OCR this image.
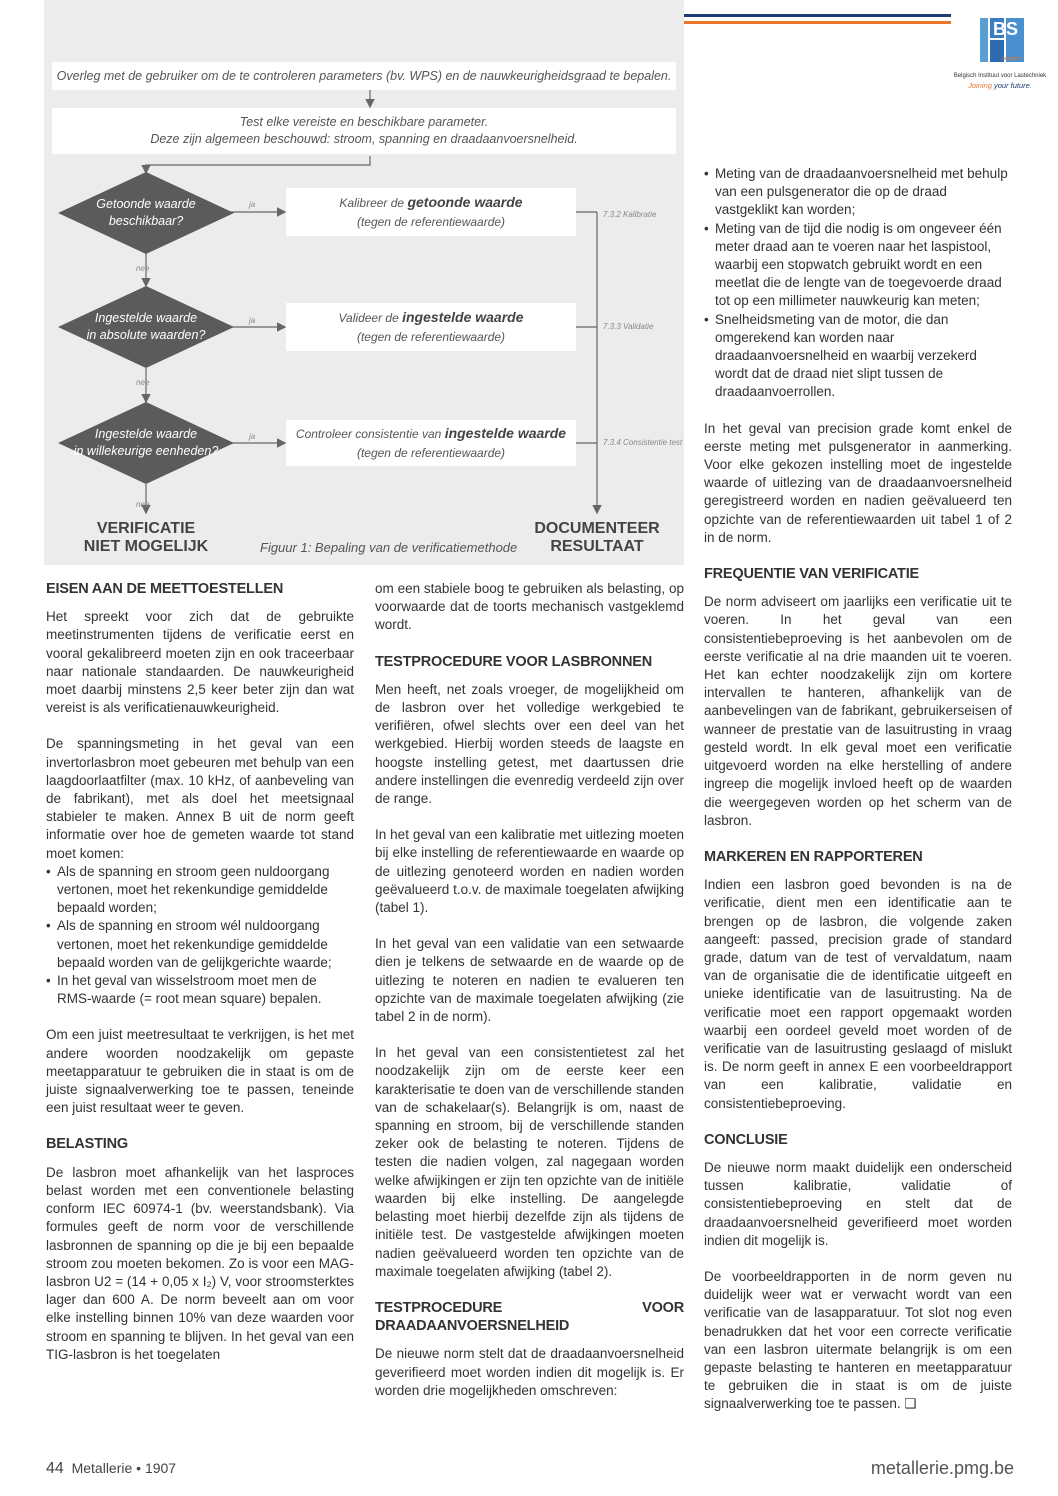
BS
research
Belgisch Instituut voor Lastechniek
Joining your future.
Overleg met de gebruiker om de te controleren parameters (bv. WPS) en de nauwkeurigheidsgraad te bepalen.
Test elke vereiste en beschikbare parameter.
Deze zijn algemeen beschouwd: stroom, spanning en draadaanvoersnelheid.
Getoonde waarde
beschikbaar?
ja
nee
Kalibreer de getoonde waarde
(tegen de referentiewaarde)
7.3.2 Kalibratie
Ingestelde waarde
in absolute waarden?
ja
nee
Valideer de ingestelde waarde
(tegen de referentiewaarde)
7.3.3 Validatie
Ingestelde waarde
in willekeurige eenheden?
ja
nee
Controleer consistentie van ingestelde waarde
(tegen de referentiewaarde)
7.3.4 Consistentie test
VERIFICATIE
NIET MOGELIJK
DOCUMENTEER
RESULTAAT
Figuur 1: Bepaling van de verificatiemethode
EISEN AAN DE MEETTOESTELLEN

Het spreekt voor zich dat de gebruikte meetinstrumenten tijdens de verificatie eerst en vooral gekalibreerd moeten zijn en ook traceerbaar naar nationale standaarden. De nauwkeurigheid moet daarbij minstens 2,5 keer beter zijn dan wat vereist is als verificatienauwkeurigheid.

De spanningsmeting in het geval van een invertorlasbron moet gebeuren met behulp van een laagdoorlaatfilter (max. 10 kHz, of aanbeveling van de fabrikant), met als doel het meetsignaal stabieler te maken. Annex B uit de norm geeft informatie over hoe de gemeten waarde tot stand moet komen:

• Als de spanning en stroom geen nuldoorgang vertonen, moet het rekenkundige gemiddelde bepaald worden;
• Als de spanning en stroom wél nuldoorgang vertonen, moet het rekenkundige gemiddelde bepaald worden van de gelijkgerichte waarde;
• In het geval van wisselstroom moet men de RMS-waarde (= root mean square) bepalen.

Om een juist meetresultaat te verkrijgen, is het met andere woorden noodzakelijk om gepaste meetapparatuur te gebruiken die in staat is om de juiste signaalverwerking toe te passen, teneinde een juist resultaat weer te geven.

BELASTING

De lasbron moet afhankelijk van het lasproces belast worden met een conventionele belasting conform IEC 60974-1 (bv. weerstandsbank). Via formules geeft de norm voor de verschillende lasbronnen de spanning op die je bij een bepaalde stroom zou moeten bekomen. Zo is voor een MAG-lasbron U2 = (14 + 0,05 x I₂) V, voor stroomsterktes lager dan 600 A. De norm beveelt aan om voor elke instelling binnen 10% van deze waarden voor stroom en spanning te blijven. In het geval van een TIG-lasbron is het toegelaten

om een stabiele boog te gebruiken als belasting, op voorwaarde dat de toorts mechanisch vastgeklemd wordt.

TESTPROCEDURE VOOR LASBRONNEN

Men heeft, net zoals vroeger, de mogelijkheid om de lasbron over het volledige werkgebied te verifiëren, ofwel slechts over een deel van het werkgebied. Hierbij worden steeds de laagste en hoogste instelling getest, met daartussen drie andere instellingen die evenredig verdeeld zijn over de range.

In het geval van een kalibratie met uitlezing moeten bij elke instelling de referentiewaarde en waarde op de uitlezing genoteerd worden en nadien worden geëvalueerd t.o.v. de maximale toegelaten afwijking (tabel 1).

In het geval van een validatie van een setwaarde dien je telkens de setwaarde en de waarde op de uitlezing te noteren en nadien te evalueren ten opzichte van de maximale toegelaten afwijking (zie tabel 2 in de norm).

In het geval van een consistentietest zal het noodzakelijk zijn om de eerste keer een karakterisatie te doen van de verschillende standen van de schakelaar(s). Belangrijk is om, naast de spanning en stroom, bij de verschillende standen zeker ook de belasting te noteren. Tijdens de testen die nadien volgen, zal nagegaan worden welke afwijkingen er zijn ten opzichte van de initiële waarden bij elke instelling. De aangelegde belasting moet hierbij dezelfde zijn als tijdens de initiële test. De vastgestelde afwijkingen moeten nadien geëvalueerd worden ten opzichte van de maximale toegelaten afwijking (tabel 2).

TESTPROCEDURE VOOR DRAADAANVOERSNELHEID

De nieuwe norm stelt dat de draadaanvoersnelheid geverifieerd moet worden indien dit mogelijk is. Er worden drie mogelijkheden omschreven:

• Meting van de draadaanvoersnelheid met behulp van een pulsgenerator die op de draad vastgeklikt kan worden;
• Meting van de tijd die nodig is om ongeveer één meter draad aan te voeren naar het laspistool, waarbij een stopwatch gebruikt wordt en een meetlat die de lengte van de toegevoerde draad tot op een millimeter nauwkeurig kan meten;
• Snelheidsmeting van de motor, die dan omgerekend kan worden naar draadaanvoersnelheid en waarbij verzekerd wordt dat de draad niet slipt tussen de draadaanvoerrollen.

In het geval van precision grade komt enkel de eerste meting met pulsgenerator in aanmerking. Voor elke gekozen instelling moet de ingestelde waarde of uitlezing van de draadaanvoersnelheid geregistreerd worden en nadien geëvalueerd ten opzichte van de referentiewaarden uit tabel 1 of 2 in de norm.

FREQUENTIE VAN VERIFICATIE

De norm adviseert om jaarlijks een verificatie uit te voeren. In het geval van een consistentiebeproeving is het aanbevolen om de eerste verificatie al na drie maanden uit te voeren. Het kan echter noodzakelijk zijn om kortere intervallen te hanteren, afhankelijk van de aanbevelingen van de fabrikant, gebruikerseisen of wanneer de prestatie van de lasuitrusting in vraag gesteld wordt. In elk geval moet een verificatie uitgevoerd worden na elke herstelling of andere ingreep die mogelijk invloed heeft op de waarden die weergegeven worden op het scherm van de lasbron.

MARKEREN EN RAPPORTEREN

Indien een lasbron goed bevonden is na de verificatie, dient men een identificatie aan te brengen op de lasbron, die volgende zaken aangeeft: passed, precision grade of standard grade, datum van de test of vervaldatum, naam van de organisatie die de identificatie uitgeeft en unieke identificatie van de lasuitrusting. Na de verificatie moet een rapport opgemaakt worden waarbij een oordeel geveld moet worden of de verificatie van de lasuitrusting geslaagd of mislukt is. De norm geeft in annex E een voorbeeldrapport van een kalibratie, validatie en consistentiebeproeving.

CONCLUSIE

De nieuwe norm maakt duidelijk een onderscheid tussen kalibratie, validatie of consistentiebeproeving en stelt dat de draadaanvoersnelheid geverifieerd moet worden indien dit mogelijk is.

De voorbeeldrapporten in de norm geven nu duidelijk weer wat er verwacht wordt van een verificatie van de lasapparatuur. Tot slot nog even benadrukken dat het voor een correcte verificatie van een lasbron uitermate belangrijk is om een gepaste belasting te hanteren en meetapparatuur te gebruiken die in staat is om de juiste signaalverwerking toe te passen. ❑

44 Metallerie • 1907	metallerie.pmg.be
